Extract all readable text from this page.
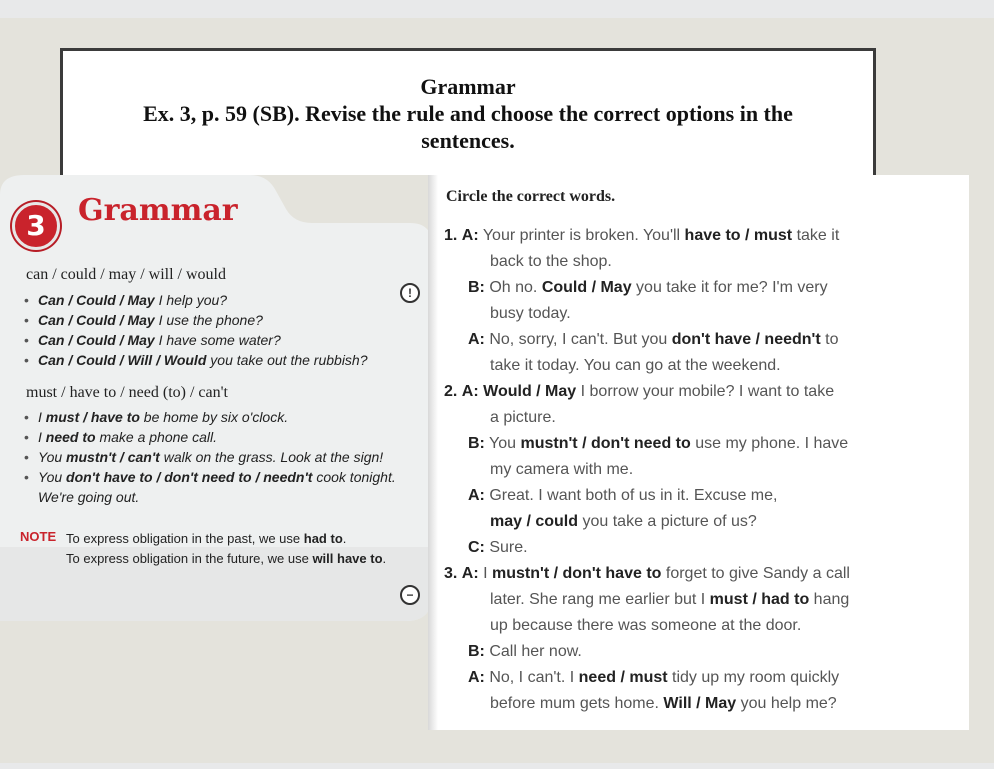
Grammar
Ex. 3, p. 59 (SB). Revise the rule and choose the correct options in the
sentences.
3	Grammar
can / could / may / will / would
• Can / Could / May I help you?
• Can / Could / May I use the phone?
• Can / Could / May I have some water?
• Can / Could / Will / Would you take out the rubbish?
must / have to / need (to) / can't
• I must / have to be home by six o'clock.
• I need to make a phone call.
• You mustn't / can't walk on the grass. Look at the sign!
• You don't have to / don't need to / needn't cook tonight. We're going out.
NOTE To express obligation in the past, we use had to.
To express obligation in the future, we use will have to.
!
−
Circle the correct words.
1. A: Your printer is broken. You'll have to / must take it
back to the shop.
B: Oh no. Could / May you take it for me? I'm very
busy today.
A: No, sorry, I can't. But you don't have / needn't to
take it today. You can go at the weekend.
2. A: Would / May I borrow your mobile? I want to take
a picture.
B: You mustn't / don't need to use my phone. I have
my camera with me.
A: Great. I want both of us in it. Excuse me,
may / could you take a picture of us?
C: Sure.
3. A: I mustn't / don't have to forget to give Sandy a call
later. She rang me earlier but I must / had to hang
up because there was someone at the door.
B: Call her now.
A: No, I can't. I need / must tidy up my room quickly
before mum gets home. Will / May you help me?
